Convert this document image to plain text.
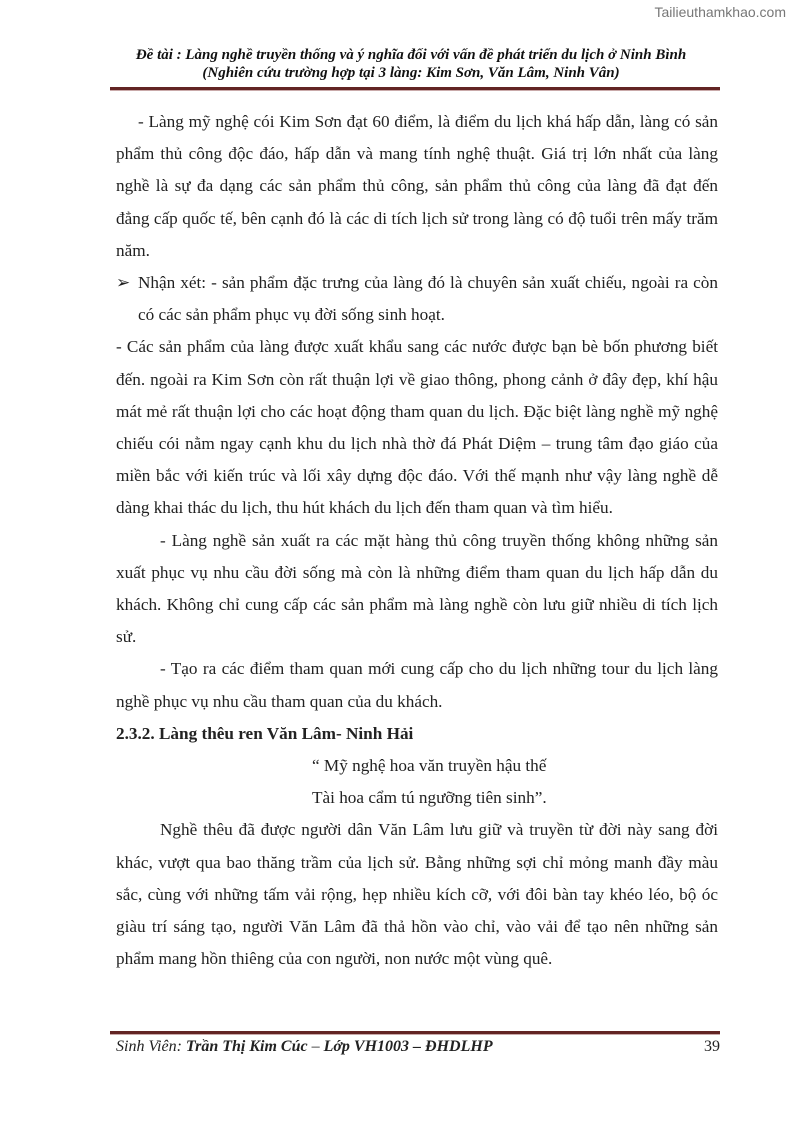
Tailieuthamkhao.com
Đề tài : Làng nghề truyền thống và ý nghĩa đối với vấn đề phát triển du lịch ở Ninh Bình
(Nghiên cứu trường hợp tại 3 làng: Kim Sơn, Văn Lâm, Ninh Vân)

- Làng mỹ nghệ cói Kim Sơn đạt 60 điểm, là điểm du lịch khá hấp dẫn, làng có sản phẩm thủ công độc đáo, hấp dẫn và mang tính nghệ thuật. Giá trị lớn nhất của làng nghề là sự đa dạng các sản phẩm thủ công, sản phẩm thủ công của làng đã đạt đến đẳng cấp quốc tế, bên cạnh đó là các di tích lịch sử trong làng có độ tuổi trên mấy trăm năm.

➢ Nhận xét: - sản phẩm đặc trưng của làng đó là chuyên sản xuất chiếu, ngoài ra còn có các sản phẩm phục vụ đời sống sinh hoạt.

- Các sản phẩm của làng được xuất khẩu sang các nước được bạn bè bốn phương biết đến. ngoài ra Kim Sơn còn rất thuận lợi về giao thông, phong cảnh ở đây đẹp, khí hậu mát mẻ rất thuận lợi cho các hoạt động tham quan du lịch. Đặc biệt làng nghề mỹ nghệ chiếu cói nằm ngay cạnh khu du lịch nhà thờ đá Phát Diệm – trung tâm đạo giáo của miền bắc với kiến trúc và lối xây dựng độc đáo. Với thế mạnh như vậy làng nghề dễ dàng khai thác du lịch, thu hút khách du lịch đến tham quan và tìm hiểu.

- Làng nghề sản xuất ra các mặt hàng thủ công truyền thống không những sản xuất phục vụ nhu cầu đời sống mà còn là những điểm tham quan du lịch hấp dẫn du khách. Không chỉ cung cấp các sản phẩm mà làng nghề còn lưu giữ nhiều di tích lịch sử.

- Tạo ra các điểm tham quan mới cung cấp cho du lịch những tour du lịch làng nghề phục vụ nhu cầu tham quan của du khách.

2.3.2. Làng thêu ren Văn Lâm- Ninh Hải

“ Mỹ nghệ hoa văn truyền hậu thế

Tài hoa cẩm tú ngưỡng tiên sinh”.

Nghề thêu đã được người dân Văn Lâm lưu giữ và truyền từ đời này sang đời khác, vượt qua bao thăng trầm của lịch sử. Bằng những sợi chỉ mỏng manh đầy màu sắc, cùng với những tấm vải rộng, hẹp nhiều kích cỡ, với đôi bàn tay khéo léo, bộ óc giàu trí sáng tạo, người Văn Lâm đã thả hồn vào chỉ, vào vải để tạo nên những sản phẩm mang hồn thiêng của con người, non nước một vùng quê.

Sinh Viên: Trần Thị Kim Cúc – Lớp VH1003 – ĐHDLHP	39
